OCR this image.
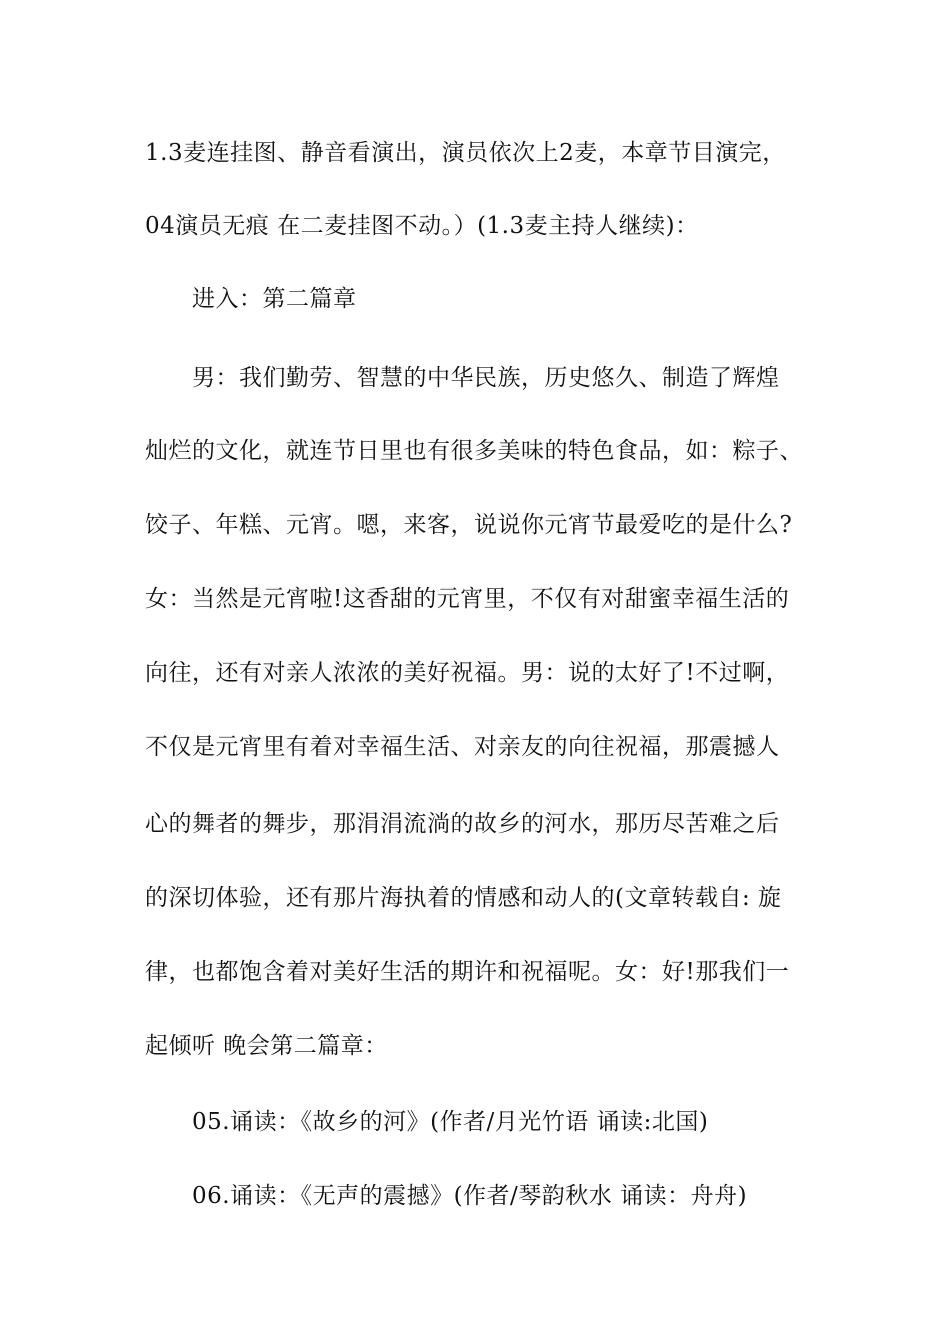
1.3麦连挂图、静音看演出，演员依次上2麦，本章节目演完，
04演员无痕 在二麦挂图不动。）(1.3麦主持人继续)：
进入：第二篇章
男：我们勤劳、智慧的中华民族，历史悠久、制造了辉煌
灿烂的文化，就连节日里也有很多美味的特色食品，如：粽子、
饺子、年糕、元宵。嗯，来客，说说你元宵节最爱吃的是什么?
女：当然是元宵啦!这香甜的元宵里，不仅有对甜蜜幸福生活的
向往，还有对亲人浓浓的美好祝福。男：说的太好了!不过啊，
不仅是元宵里有着对幸福生活、对亲友的向往祝福，那震撼人
心的舞者的舞步，那涓涓流淌的故乡的河水，那历尽苦难之后
的深切体验，还有那片海执着的情感和动人的(文章转载自: 旋
律，也都饱含着对美好生活的期许和祝福呢。女：好!那我们一
起倾听 晚会第二篇章：
05.诵读：《故乡的河》(作者/月光竹语 诵读:北国)
06.诵读：《无声的震撼》(作者/琴韵秋水 诵读：舟舟)
